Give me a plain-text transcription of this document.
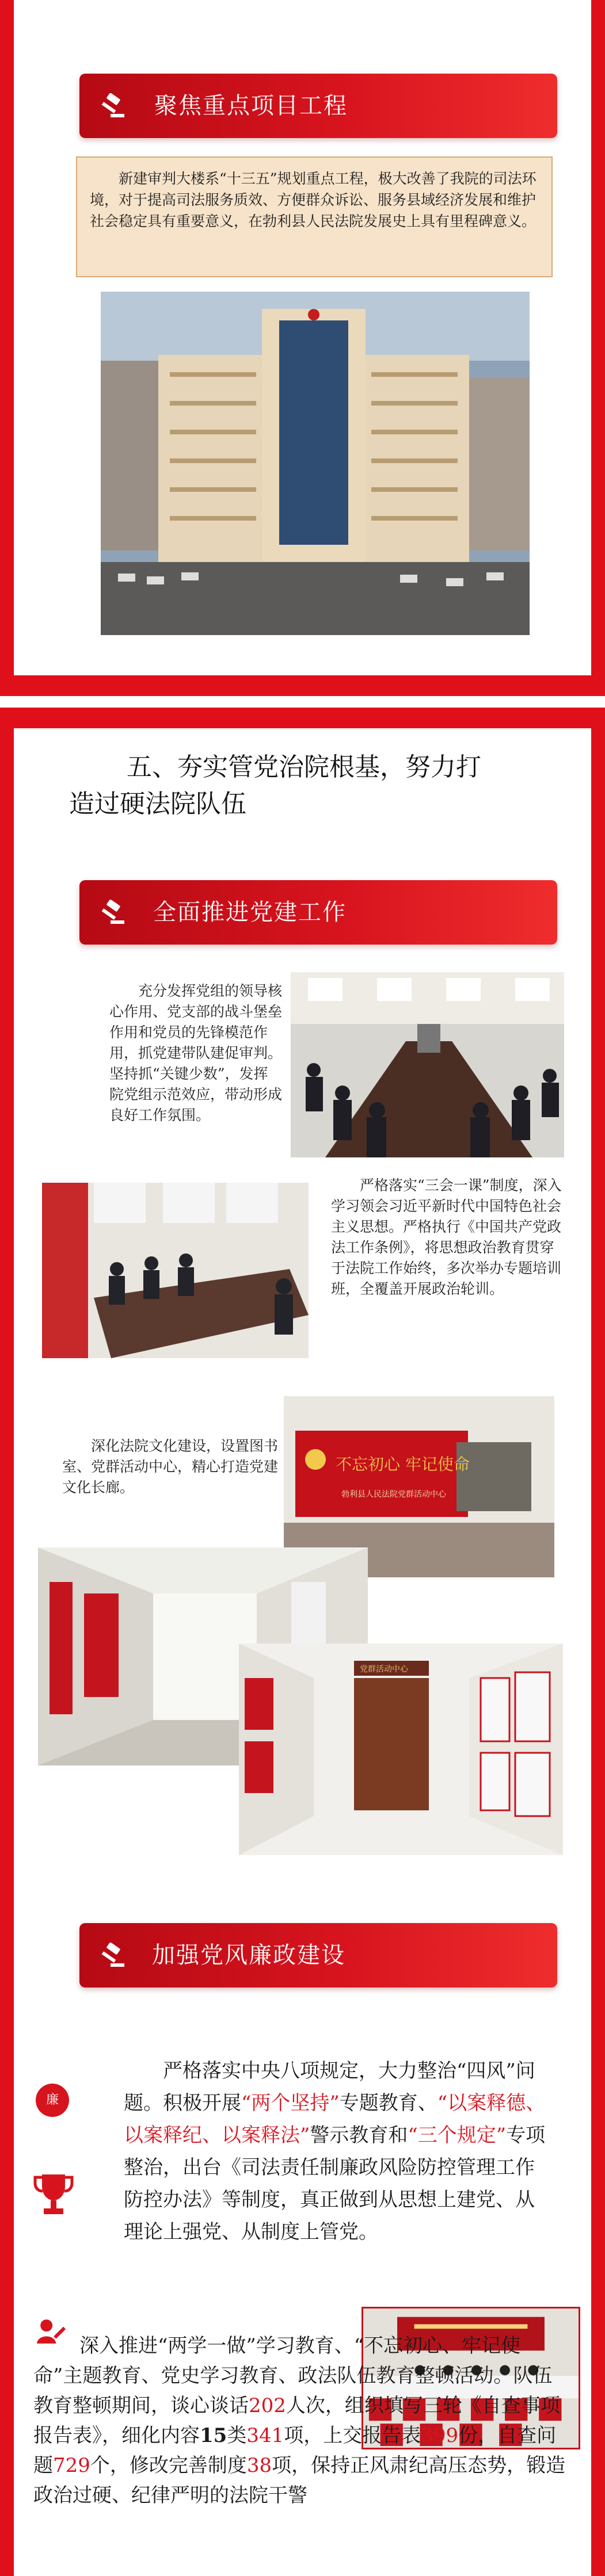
聚焦重点项目工程
新建审判大楼系“十三五”规划重点工程，极大改善了我院的司法环境，对于提高司法服务质效、方便群众诉讼、服务县域经济发展和维护社会稳定具有重要意义，在勃利县人民法院发展史上具有里程碑意义。
五、夯实管党治院根基，努力打
造过硬法院队伍
全面推进党建工作
充分发挥党组的领导核心作用、党支部的战斗堡垒作用和党员的先锋模范作用，抓党建带队建促审判。坚持抓“关键少数”，发挥院党组示范效应，带动形成良好工作氛围。
严格落实“三会一课”制度，深入学习领会习近平新时代中国特色社会主义思想。严格执行《中国共产党政法工作条例》，将思想政治教育贯穿于法院工作始终，多次举办专题培训班，全覆盖开展政治轮训。
深化法院文化建设，设置图书室、党群活动中心，精心打造党建文化长廊。
不忘初心 牢记使命
勃利县人民法院党群活动中心
党群活动中心
加强党风廉政建设
廉
严格落实中央八项规定，大力整治“四风”问题。积极开展“两个坚持”专题教育、“以案释德、以案释纪、以案释法”警示教育和“三个规定”专项整治，出台《司法责任制廉政风险防控管理工作防控办法》等制度，真正做到从思想上建党、从理论上强党、从制度上管党。
深入推进“两学一做”学习教育、“不忘初心、牢记使命”主题教育、党史学习教育、政法队伍教育整顿活动。队伍教育整顿期间，谈心谈话202人次，组织填写三轮《自查事项报告表》，细化内容15类341项，上交报告表399份，自查问题729个，修改完善制度38项，保持正风肃纪高压态势，锻造政治过硬、纪律严明的法院干警
